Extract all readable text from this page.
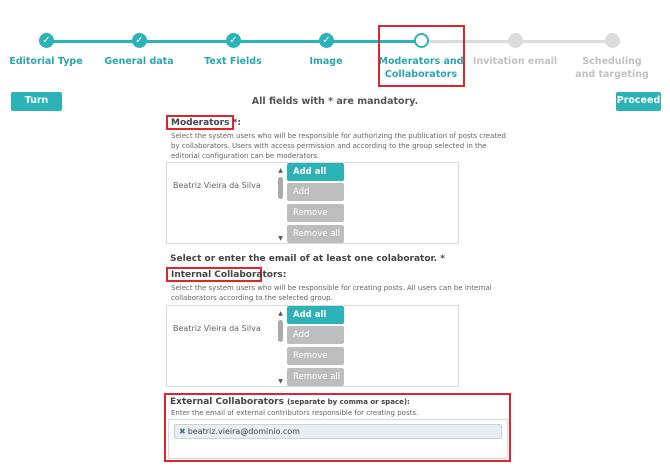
✓
Editorial Type
✓
General data
✓
Text Fields
✓
Image	Moderators and Collaborators
Invitation email	Scheduling and targeting
Turn back
Proceed
All fields with * are mandatory.
Moderators *:
Select the system users who will be responsible for authorizing the publication of posts created by collaborators. Users with access permission and according to the group selected in the editorial configuration can be moderators.
Beatriz Vieira da Silva
▲
▼
Add all
Add
Remove
Remove all
Select or enter the email of at least one colaborator. *
Internal Collaborators:
Select the system users who will be responsible for creating posts. All users can be internal collaborators according to the selected group.
Beatriz Vieira da Silva
▲
▼
Add all
Add
Remove
Remove all
External Collaborators (separate by comma or space):
Enter the email of external contributors responsible for creating posts.
✖ beatriz.vieira@dominio.com
